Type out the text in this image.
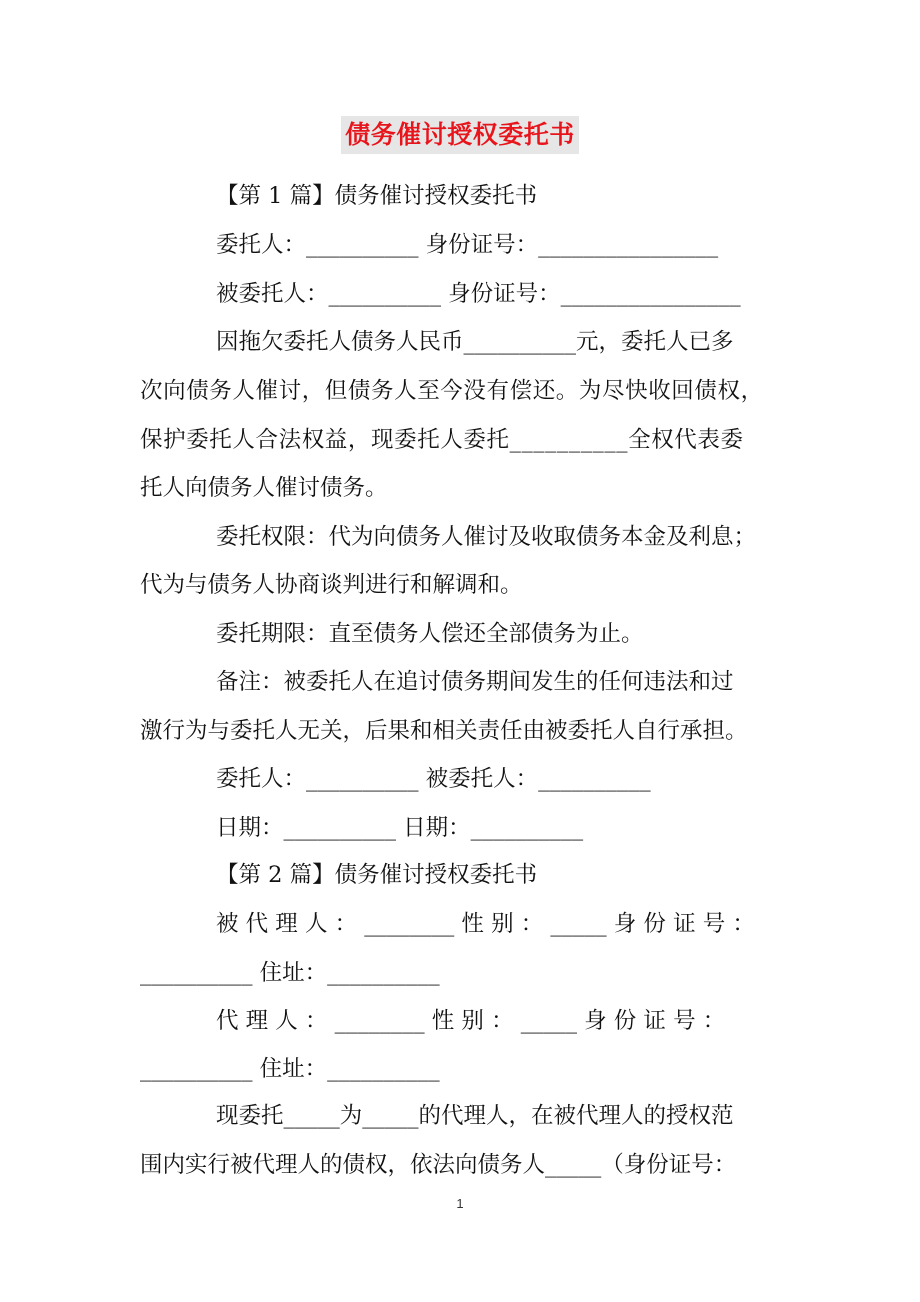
债务催讨授权委托书
【第 1 篇】债务催讨授权委托书
委托人：__________ 身份证号：________________
被委托人：__________ 身份证号：________________
因拖欠委托人债务人民币__________元，委托人已多
次向债务人催讨，但债务人至今没有偿还。为尽快收回债权，
保护委托人合法权益，现委托人委托__________全权代表委
托人向债务人催讨债务。
委托权限：代为向债务人催讨及收取债务本金及利息；
代为与债务人协商谈判进行和解调和。
委托期限：直至债务人偿还全部债务为止。
备注：被委托人在追讨债务期间发生的任何违法和过
激行为与委托人无关，后果和相关责任由被委托人自行承担。
委托人：__________ 被委托人：__________
日期：__________ 日期：__________
【第 2 篇】债务催讨授权委托书
被 代 理 人 ： ________ 性 别 ： _____ 身 份 证 号 ：
__________ 住址：__________
代 理 人 ： ________ 性 别 ： _____ 身 份 证 号 ：
__________ 住址：__________
现委托_____为_____的代理人，在被代理人的授权范
围内实行被代理人的债权，依法向债务人_____（身份证号：
1
